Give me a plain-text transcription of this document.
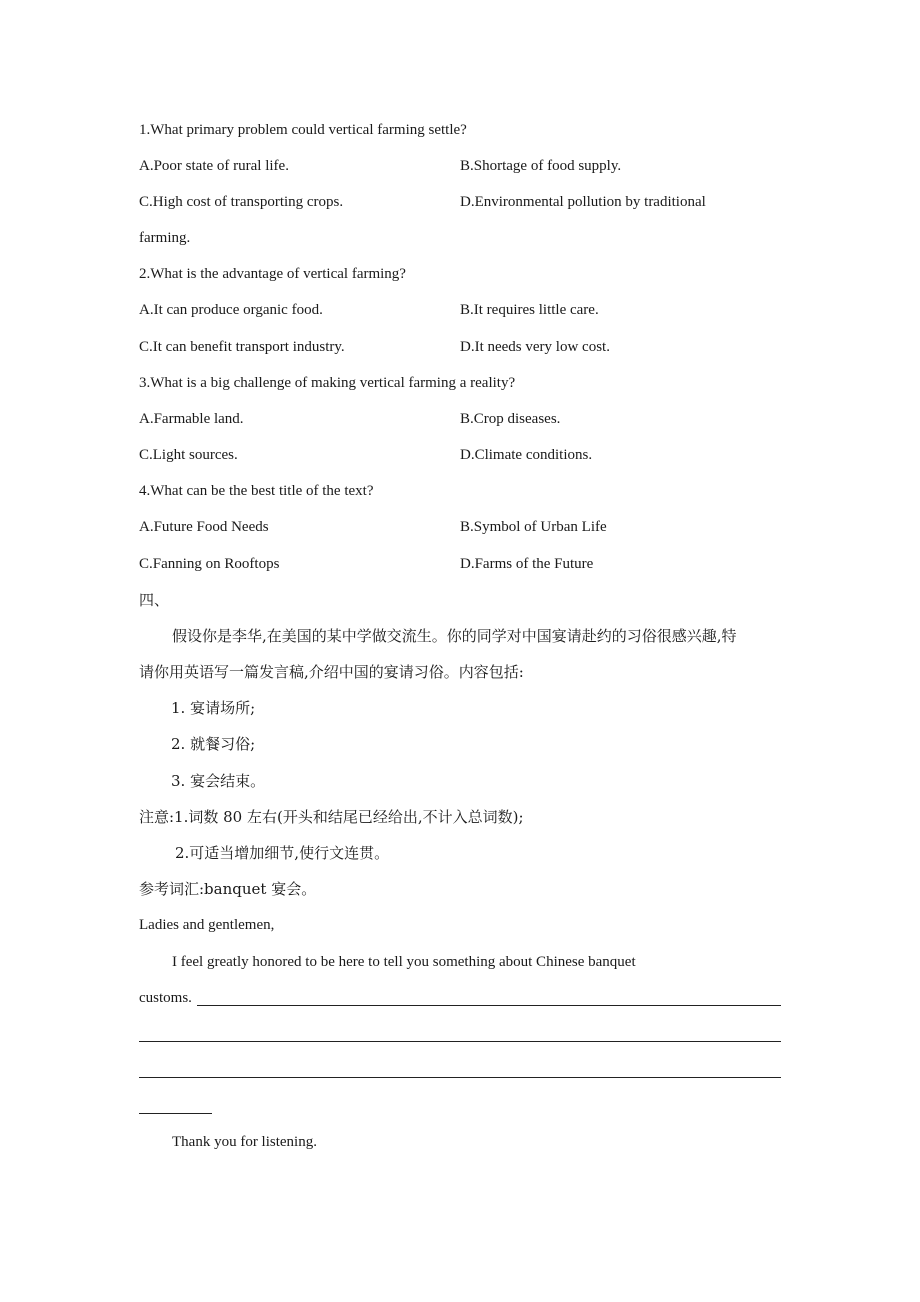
1.What primary problem could vertical farming settle?
A.Poor state of rural life.	B.Shortage of food supply.
C.High cost of transporting crops.	D.Environmental pollution by traditional
farming.
2.What is the advantage of vertical farming?
A.It can produce organic food.	B.It requires little care.
C.It can benefit transport industry.	D.It needs very low cost.
3.What is a big challenge of making vertical farming a reality?
A.Farmable land.	B.Crop diseases.
C.Light sources.	D.Climate conditions.
4.What can be the best title of the text?
A.Future Food Needs	B.Symbol of Urban Life
C.Fanning on Rooftops	D.Farms of the Future
四、
假设你是李华,在美国的某中学做交流生。你的同学对中国宴请赴约的习俗很感兴趣,特
请你用英语写一篇发言稿,介绍中国的宴请习俗。内容包括:
1. 宴请场所;
2. 就餐习俗;
3. 宴会结束。
注意:1.词数 80 左右(开头和结尾已经给出,不计入总词数);
2.可适当增加细节,使行文连贯。
参考词汇:banquet 宴会。
Ladies and gentlemen,
I feel greatly honored to be here to tell you something about Chinese banquet
customs.
Thank you for listening.
